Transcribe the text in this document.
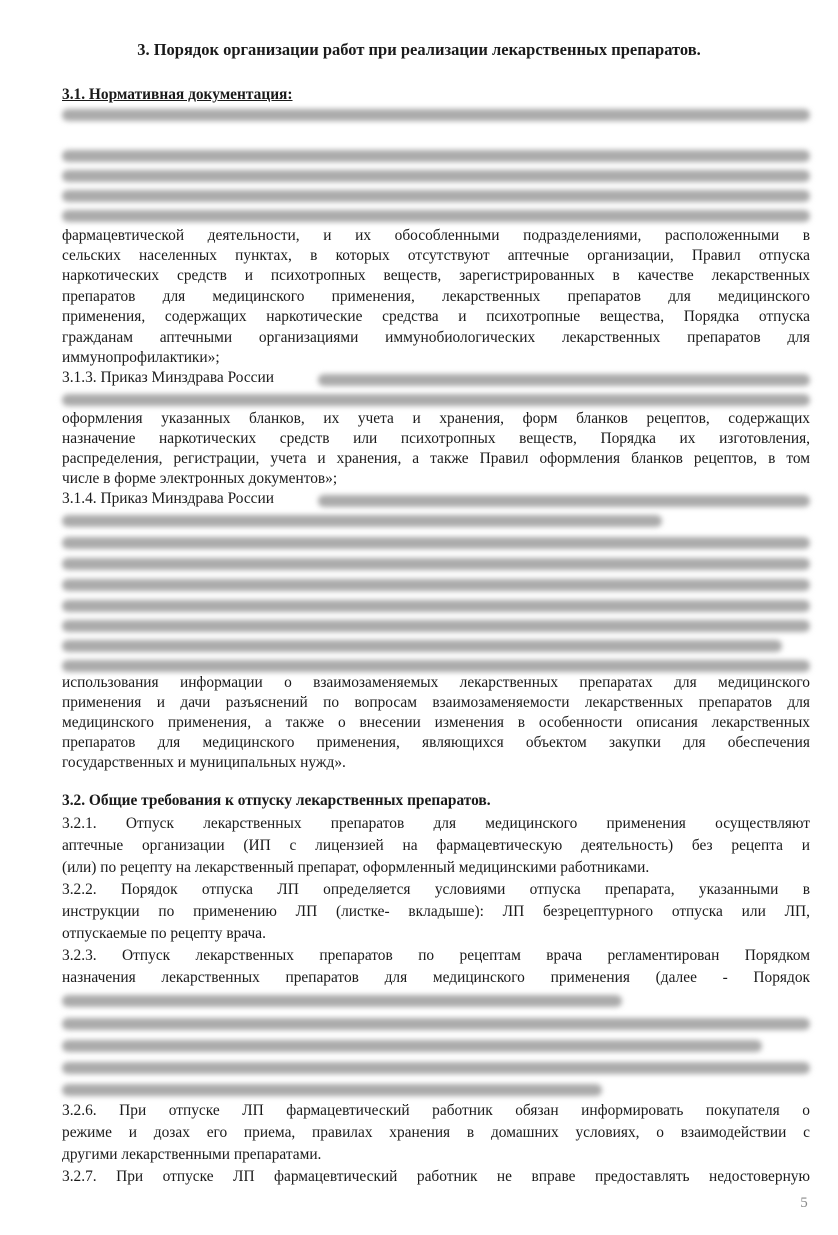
3. Порядок организации работ при реализации лекарственных препаратов.

3.1. Нормативная документация:

фармацевтической деятельности, и их обособленными подразделениями, расположенными в

сельских населенных пунктах, в которых отсутствуют аптечные организации, Правил отпуска

наркотических средств и психотропных веществ, зарегистрированных в качестве лекарственных

препаратов для медицинского применения, лекарственных препаратов для медицинского

применения, содержащих наркотические средства и психотропные вещества, Порядка отпуска

гражданам аптечными организациями иммунобиологических лекарственных препаратов для

иммунопрофилактики»;

3.1.3. Приказ Минздрава России

оформления указанных бланков, их учета и хранения, форм бланков рецептов, содержащих

назначение наркотических средств или психотропных веществ, Порядка их изготовления,

распределения, регистрации, учета и хранения, а также Правил оформления бланков рецептов, в том

числе в форме электронных документов»;

3.1.4. Приказ Минздрава России

использования информации о взаимозаменяемых лекарственных препаратах для медицинского

применения и дачи разъяснений по вопросам взаимозаменяемости лекарственных препаратов для

медицинского применения, а также о внесении изменения в особенности описания лекарственных

препаратов для медицинского применения, являющихся объектом закупки для обеспечения

государственных и муниципальных нужд».

3.2. Общие требования к отпуску лекарственных препаратов.

3.2.1. Отпуск лекарственных препаратов для медицинского применения осуществляют

аптечные организации (ИП с лицензией на фармацевтическую деятельность) без рецепта и

(или) по рецепту на лекарственный препарат, оформленный медицинскими работниками.

3.2.2. Порядок отпуска ЛП определяется условиями отпуска препарата, указанными в

инструкции по применению ЛП (листке- вкладыше): ЛП безрецептурного отпуска или ЛП,

отпускаемые по рецепту врача.

3.2.3. Отпуск лекарственных препаратов по рецептам врача регламентирован Порядком

назначения лекарственных препаратов для медицинского применения (далее - Порядок

3.2.6. При отпуске ЛП фармацевтический работник обязан информировать покупателя о

режиме и дозах его приема, правилах хранения в домашних условиях, о взаимодействии с

другими лекарственными препаратами.

3.2.7. При отпуске ЛП фармацевтический работник не вправе предоставлять недостоверную

5
